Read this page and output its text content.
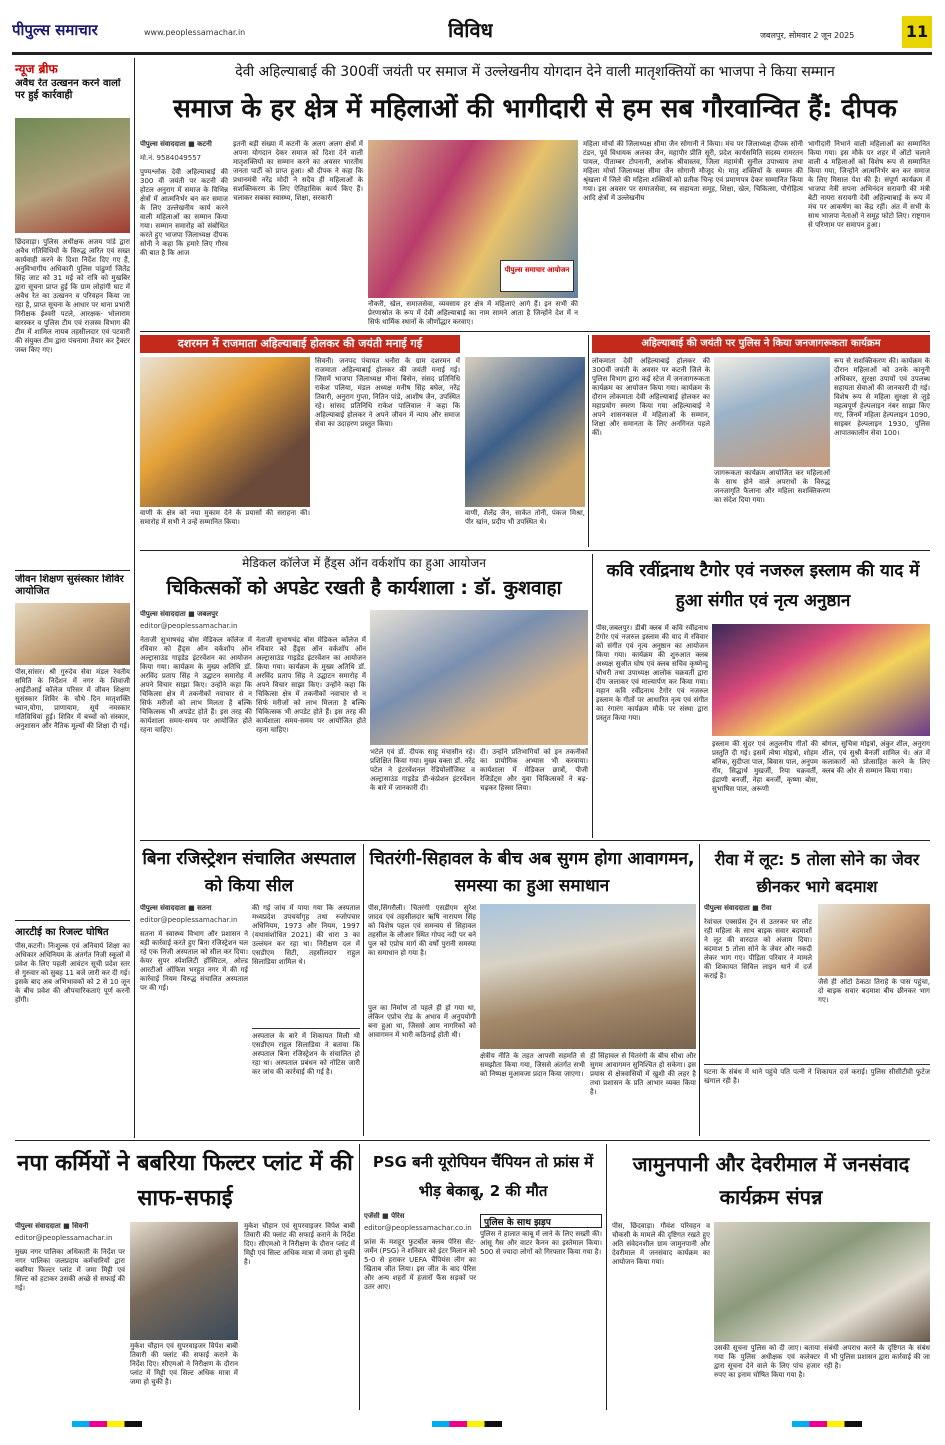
पीपुल्स समाचार	www.peoplessamachar.in	विविध	जबलपुर, सोमवार 2 जून 2025	11
न्यूज ब्रीफ
अवैध रेत उत्खनन करने वालों पर हुई कार्रवाही
छिंदवाड़ा। पुलिस अधीक्षक अजय पांडे द्वारा अवैध गतिविधियों के विरुद्ध त्वरित एवं सख्त कार्यवाही करने के दिशा निर्देश दिए गए हैं, अनुविभागीय अधिकारी पुलिस पांढुर्णा जितेंद्र सिंह जाट को 31 मई को रात्रि को मुखबिर द्वारा सूचना प्राप्त हुई कि ग्राम लोहांगी घाट में अवैध रेत का उत्खनन व परिवहन किया जा रहा है, प्राप्त सूचना के आधार पर थाना प्रभारी निरीक्षक ईश्वरी पटले, आरक्षक- भोलाराम बारस्कर व पुलिस टीम एवं राजस्व विभाग की टीम में शामिल नायब तहसीलदार एवं पटवारी की संयुक्त टीम द्वारा पंचनामा तैयार कर ट्रैक्टर जब्त किए गए।
जीवन शिक्षण सुसंस्कार शिविर आयोजित
पीस,सांसर। श्री गुरुदेव सेवा मंडल रेवतीय समिति के निर्देशन में नगर के शिवाजी आईटीआई कॉलेज परिसर में जीवन शिक्षण सुसंस्कार शिविर के चौथे दिन मातृशक्ति ध्यान,योगा, प्राणायाम, सूर्य नमस्कार गतिविधियां हुई। शिविर में बच्चों को संस्कार, अनुशासन और नैतिक मूल्यों की शिक्षा दी गई।
आरटीई का रिजल्ट घोषित
पीस,कटनी। निःशुल्क एवं अनिवार्य शिक्षा का अधिकार अधिनियम के अंतर्गत निजी स्कूलों में प्रवेश के लिए पहली आवंटन सूची प्रदेश स्तर से गुरुवार को सुबह 11 बजे जारी कर दी गई। इसके बाद अब अभिभावकों को 2 से 10 जून के बीच प्रवेश की औपचारिकताएं पूर्ण करनी होंगी।
देवी अहिल्याबाई की 300वीं जयंती पर समाज में उल्लेखनीय योगदान देने वाली मातृशक्तियों का भाजपा ने किया सम्मान
समाज के हर क्षेत्र में महिलाओं की भागीदारी से हम सब गौरवान्वित हैं: दीपक
पीपुल्स संवाददाता ■ कटनी
मो.नं. 9584049557
पुण्यश्लोक देवी अहिल्याबाई की 300 वीं जयंती पर कटनी की होटल अनुराग में समाज के विभिन्न क्षेत्रों में आत्मनिर्भर बन कर समाज के लिए उल्लेखनीय कार्य करने वाली महिलाओं का सम्मान किया गया। सम्मान समारोह को संबोधित करते हुए भाजपा जिलाध्यक्ष दीपक सोनी ने कहा कि हमारे लिए गौरव की बात है कि आज
इतनी बड़ी संख्या में कटनी के अलग अलग क्षेत्रों में अपना योगदान देकर समाज को दिशा देने वाली मातृशक्तियों का सम्मान करने का अवसर भारतीय जनता पार्टी को प्राप्त हुआ। श्री दीपक ने कहा कि प्रधानमंत्री नरेंद्र मोदी ने सदैव ही महिलाओं के सशक्तिकरण के लिए ऐतिहासिक कार्य किए हैं। चलाकर सबका स्वास्थ्य, शिक्षा, सरकारी
पीपुल्स समाचार आयोजन
नौकरी, खेल, समाजसेवा, व्यवसाय हर क्षेत्र में महिलाएं आगे हैं। इन सभी की प्रेरणास्रोत के रूप में देवी अहिल्याबाई का नाम सामने आता है जिन्होंने देश में न सिर्फ धार्मिक स्थानों के जीर्णोद्धार करवाए।
महिला मोर्चा की जिलाध्यक्ष सीमा जैन सोगानी ने किया। मंच पर जिलाध्यक्ष दीपक सोनी टंडन, पूर्व विधायक अलका जैन, महापौर प्रीति सूरी, प्रदेश कार्यसमिति सदस्य रामरतन पायल, पीताम्बर टोपनानी, अशोक श्रीवास्तव, जिला महामंत्री सुनील उपाध्याय तथा महिला मोर्चा जिलाध्यक्ष सीमा जैन सोगानी मौजूद थे। मातृ शक्तियों के सम्मान की श्रृंखला में जिले की महिला शक्तियों को प्रतीक चिन्ह एवं प्रमाणपत्र देकर सम्मानित किया गया। इस अवसर पर समाजसेवा, स्व सहायता समूह, शिक्षा, खेल, चिकित्सा, पौरोहित्य आदि क्षेत्रों में उल्लेखनीय
भागीदारी निभाने वाली महिलाओं का सम्मानित किया गया। इस मौके पर शहर में ऑटो चलाने वाली 4 महिलाओं को विशेष रूप से सम्मानित किया गया, जिन्होंने आत्मनिर्भर बन कर समाज के लिए मिसाल पेश की है। संपूर्ण कार्यक्रम में भाजपा नेत्री सपना अभिनंदन सरावगी की मंत्री बेटी नायरा सरावगी देवी अहिल्याबाई के रूप में मंच पर आकर्षण का केंद्र रहीं। अंत में सभी के साथ भाजपा नेताओं ने समूह फोटो लिए। राष्ट्रगान से परिणाम पर समापन हुआ।
दशरमन में राजमाता अहिल्याबाई होलकर की जयंती मनाई गई
वाणी के क्षेत्र को नया मुकाम देने के प्रयासों की सराहना की। समारोह में सभी ने उन्हें सम्मानित किया।
सिवनी। जनपद पंचायत धनौरा के ग्राम दशरमन में राजमाता अहिल्याबाई होलकर की जयंती मनाई गई। जिसमें भाजपा जिलाध्यक्ष मीना बिसेन, संसद प्रतिनिधि राकेश पलिया, मंडल अध्यक्ष मनीष सिंह बघेल, नरेंद्र तिवारी, अनुराग गुप्ता, नितिन पांडे, आशीष जैन, उपस्थित रहे। सांसद प्रतिनिधि राकेश पालिवाल ने कहा कि अहिल्याबाई होलकर ने अपने जीवन में न्याय और समाज सेवा का उदाहरण प्रस्तुत किया।
वाणी, शैलेंद्र जैन, साकेत तोनी, पंकज मिश्रा, पीर खांन, प्रदीप भी उपस्थित थे।
अहिल्याबाई की जयंती पर पुलिस ने किया जनजागरूकता कार्यक्रम
लोकमाता देवी अहिल्याबाई होलकर की 300वीं जयंती के अवसर पर कटनी जिले के पुलिस विभाग द्वारा कई स्टेज में जनजागरूकता कार्यक्रम का आयोजन किया गया। कार्यक्रम के दौरान लोकमाता देवी अहिल्याबाई होलकर का महाप्रयोग स्मरण किया गया अहिल्याबाई ने अपने शासनकाल में महिलाओं के सम्मान, शिक्षा और समानता के लिए अनगिनत पहले कीं।
जागरूकता कार्यक्रम आयोजित कर महिलाओं के साथ होने वाले अपराधों के विरुद्ध जनजागृति फैलाना और महिला सशक्तिकरण का संदेश दिया गया।
रूप से सशक्तिकरण की। कार्यक्रम के दौरान महिलाओं को उनके कानूनी अधिकार, सुरक्षा उपायों एवं उपलब्ध सहायता सेवाओं की जानकारी दी गई। विशेष रूप से महिला सुरक्षा से जुड़े महत्वपूर्ण हेल्पलाइन नंबर साझा किए गए, जिनमें महिला हेल्पलाइन 1090, साइबर हेल्पलाइन 1930, पुलिस आपातकालीन सेवा 100।
मेडिकल कॉलेज में हैंड्स ऑन वर्कशॉप का हुआ आयोजन
चिकित्सकों को अपडेट रखती है कार्यशाला : डॉ. कुशवाहा
पीपुल्स संवाददाता ■ जबलपुर
editor@peoplessamachar.in
नेताजी सुभाषचंद्र बोस मेडिकल कॉलेज में रविवार को हैंड्स ऑन वर्कशॉप ऑन अल्ट्रासाउंड गाइडेड इंटरवेंशन का आयोजन किया गया। कार्यक्रम के मुख्य अतिथि डॉ. अरविंद प्रताप सिंह ने उद्घाटन समारोह में अपने विचार साझा किए। उन्होंने कहा कि चिकित्सा क्षेत्र में तकनीकों नवाचार से न सिर्फ मरीजों को लाभ मिलता है बल्कि चिकित्सक भी अपडेट होते हैं। इस तरह की कार्यशाला समय-समय पर आयोजित होते रहना चाहिए।
नेताजी सुभाषचंद्र बोस मेडिकल कॉलेज में रविवार को हैंड्स ऑन वर्कशॉप ऑन अल्ट्रासाउंड गाइडेड इंटरवेंशन का आयोजन किया गया। कार्यक्रम के मुख्य अतिथि डॉ. अरविंद प्रताप सिंह ने उद्घाटन समारोह में अपने विचार साझा किए। उन्होंने कहा कि चिकित्सा क्षेत्र में तकनीकों नवाचार से न सिर्फ मरीजों को लाभ मिलता है बल्कि चिकित्सक भी अपडेट होते हैं। इस तरह की कार्यशाला समय-समय पर आयोजित होते रहना चाहिए।
भटेले एवं डॉ. दीपक साहू मंचासीन रहे। प्रशिक्षित किया गया। मुख्य वक्ता डॉ. नरेंद्र पटेल ने इंटरवेंशनल रेडियोलॉजिस्ट व अल्ट्रासाउंड गाइडेड डी-कंप्रेशन इंटरवेंशन के बारे में जानकारी दी।
दी। उन्होंने प्रतिभागियों को इन तकनीकों का प्रायोगिक अभ्यास भी करवाया। कार्यशाला में मेडिकल छात्रों, पीजी रेजिडेंट्स और युवा चिकित्सकों ने बढ़-चढ़कर हिस्सा लिया।
कवि रवींद्रनाथ टैगोर एवं नजरुल इस्लाम की याद में हुआ संगीत एवं नृत्य अनुष्ठान
पीस,जबलपुर। डीबी क्लब में कवि रवींद्रनाथ टैगोर एवं नजरुल इस्लाम की याद में रविवार को संगीत एवं नृत्य अनुष्ठान का आयोजन किया गया। कार्यक्रम की शुरुआत क्लब अध्यक्ष सुजीत घोष एवं क्लब सचिव कृष्णेन्दु चौधरी तथा उपाध्यक्ष आलोक चक्रवर्ती द्वारा दीप जलाकर एवं माल्यार्पण कर किया गया। महान कवि रवींद्रनाथ टैगोर एवं नजरुल इस्लाम के गीतों पर आधारित नृत्य एवं संगीत का रंगारंग कार्यक्रम मौके पर संस्था द्वारा प्रस्तुत किया गया।
इस्लाम की सुंदर एवं अतुलनीय गीतों की प्रस्तुति दी गई। इसमें त्वेषा मोइत्रो, शोहम बनिक, सुदीप्ता पाल, बिवास पाल, अनुपम रॉय, सिद्धार्थ मुखर्जी, रिया चक्रवर्ती, इंद्राणी बनर्जी, नेहा बनर्जी, कृष्णा बोस, सुभाषिस पाल, अरूणी
बोगल, सुचित्रा मोइत्रो, अंकुर शील, अनुराग शील, एवं सुश्री बैनर्जी शामिल थे। अंत में कलाकारों को प्रोत्साहित करने के लिए क्लब की ओर से सम्मान किया गया।
बिना रजिस्ट्रेशन संचालित अस्पताल को किया सील
पीपुल्स संवाददाता ■ सतना
editor@peoplessamachar.in
सतना में स्वास्थ्य विभाग और प्रशासन ने बड़ी कार्रवाई करते हुए बिना रजिस्ट्रेशन चल रहे एक निजी अस्पताल को सील कर दिया। केयर सुपर स्पेशलिटी हॉस्पिटल, ओल्ड आरटीओ ऑफिस भरहुत नगर में की गई कार्रवाई नियम विरुद्ध संचालित अस्पताल पर की गई।
की गई जांच में पाया गया कि अस्पताल मध्यप्रदेश उपचर्यागृह तथा रुजोपचार अधिनियम, 1973 और नियम, 1997 (यथासंशोधित 2021) की धारा 3 का उल्लंघन कर रहा था। निरीक्षण दल में एसडीएम सिटी, तहसीलदार राहुल सिलाडिया शामिल थे।
अस्पताल के बारे में शिकायत मिली थी एसडीएम राहुल सिलाडिया ने बताया कि अस्पताल बिना रजिस्ट्रेशन के संचालित हो रहा था। अस्पताल प्रबंधन को नोटिस जारी कर जांच की कार्रवाई की गई है।
चितरंगी-सिहावल के बीच अब सुगम होगा आवागमन, समस्या का हुआ समाधान
पीस,सिंगरौली। चितरंगी एसडीएम सुरेश जादव एवं तहसीलदार ऋषि नारायण सिंह को विशेष पहल एवं समन्वय से सिहावल तहसील के लौआर स्थित गोपद नदी पर बने पुल को एप्रोच मार्ग की वर्षों पुरानी समस्या का समाधान हो गया है।
पुल का निर्माण तो पहले ही हो गया था, लेकिन एप्रोच रोड के अभाव में अनुपयोगी बना हुआ था, जिससे आम नागरिकों को आवागमन में भारी कठिनाई होती थी।
क्षेत्रीय नीति के तहत आपसी सहमति से समझौता किया गया, जिससे अंतर्गत सभी को निष्पक्ष मुआवजा प्रदान किया जाएगा।
ही सिंहावल से चितरंगी के बीच सीधा और सुगम आवागमन सुनिश्चित हो सकेगा। इस प्रयास से क्षेत्रवासियों में खुशी की लहर है तथा प्रशासन के प्रति आभार व्यक्त किया है।
रीवा में लूट: 5 तोला सोने का जेवर छीनकर भागे बदमाश
पीपुल्स संवाददाता ■ रीवा
रेवांचल एक्सप्रेस ट्रेन से उतरकर घर लौट रही महिला के साथ बाइक सवार बदमाशों ने लूट की वारदात को अंजाम दिया। बदमाश 5 तोला सोने के जेवर और नकदी लेकर भाग गए। पीड़िता परिवार ने मामले की शिकायत सिविल लाइन थाने में दर्ज कराई है।
जैसे ही ऑटो ठेकठा तिराहे के पास पहुंचा, दो बाइक सवार बदमाश बीच छीनकर भाग गए।
घटना के संबंध में थाने पहुंचे पति पत्नी ने शिकायत दर्ज कराई। पुलिस सीसीटीवी फुटेज खंगाल रही है।
नपा कर्मियों ने बबरिया फिल्टर प्लांट में की साफ-सफाई
पीपुल्स संवाददाता ■ सिवनी
editor@peoplessamachar.in
मुख्य नगर पालिका अधिकारी के निर्देश पर नगर पालिका जलप्रदाय कर्मचारियों द्वारा बबरिया फिल्टर प्लांट में जमा मिट्टी एवं सिल्ट को हटाकर उसकी अच्छे से सफाई की गई।
मुकेश चौहान एवं सुपरवाइजर विपेश बाबी तिवारी की फ्लांट की सफाई कराने के निर्देश दिए। सीएमओ ने निरीक्षण के दौरान प्लांट में मिट्टी एवं सिल्ट अधिक मात्रा में जमा हो चुकी है।
मुकेश चौहान एवं सुपरवाइजर विपेश बाबी तिवारी की फ्लांट की सफाई कराने के निर्देश दिए। सीएमओ ने निरीक्षण के दौरान प्लांट में मिट्टी एवं सिल्ट अधिक मात्रा में जमा हो चुकी है।
PSG बनी यूरोपियन चैंपियन तो फ्रांस में भीड़ बेकाबू, 2 की मौत
एजेंसी ■ पेरिस
editor@peoplessamachar.co.in
फ्रांस के मशहूर फुटबॉल क्लब पेरिस सेंट-जर्मेन (PSG) ने शनिवार को इंटर मिलान को 5-0 से हराकर UEFA चैंपियंस लीग का खिताब जीत लिया। इस जीत के बाद पेरिस और अन्य शहरों में हजारों फैंस सड़कों पर उतर आए।
पुलिस के साथ झड़प
पुलिस ने हालात काबू में लाने के लिए सख्ती की। आंसू गैस और वाटर कैनन का इस्तेमाल किया। 500 से ज्यादा लोगों को गिरफ्तार किया गया है।
जामुनपानी और देवरीमाल में जनसंवाद कार्यक्रम संपन्न
पीस, छिंदवाड़ा। गौवंश परिवहन व चौकसी के मामले की दृष्टिगत रखते हुए अति संवेदनशील ग्राम जामुनपानी और देवरीमाल में जनसंवाद कार्यक्रम का आयोजन किया गया।
उसकी सूचना पुलिस को दी जाए। बताया गया कि पुलिस अधीक्षक एवं कलेक्टर द्वारा सूचना देने वाले के लिए पांच हजार रुपए का इनाम घोषित किया गया है।
संबंधी अपराध करने के दृष्टिगत के संबंध में भी पुलिस प्रशासन द्वारा कार्रवाई की जा रही है।
